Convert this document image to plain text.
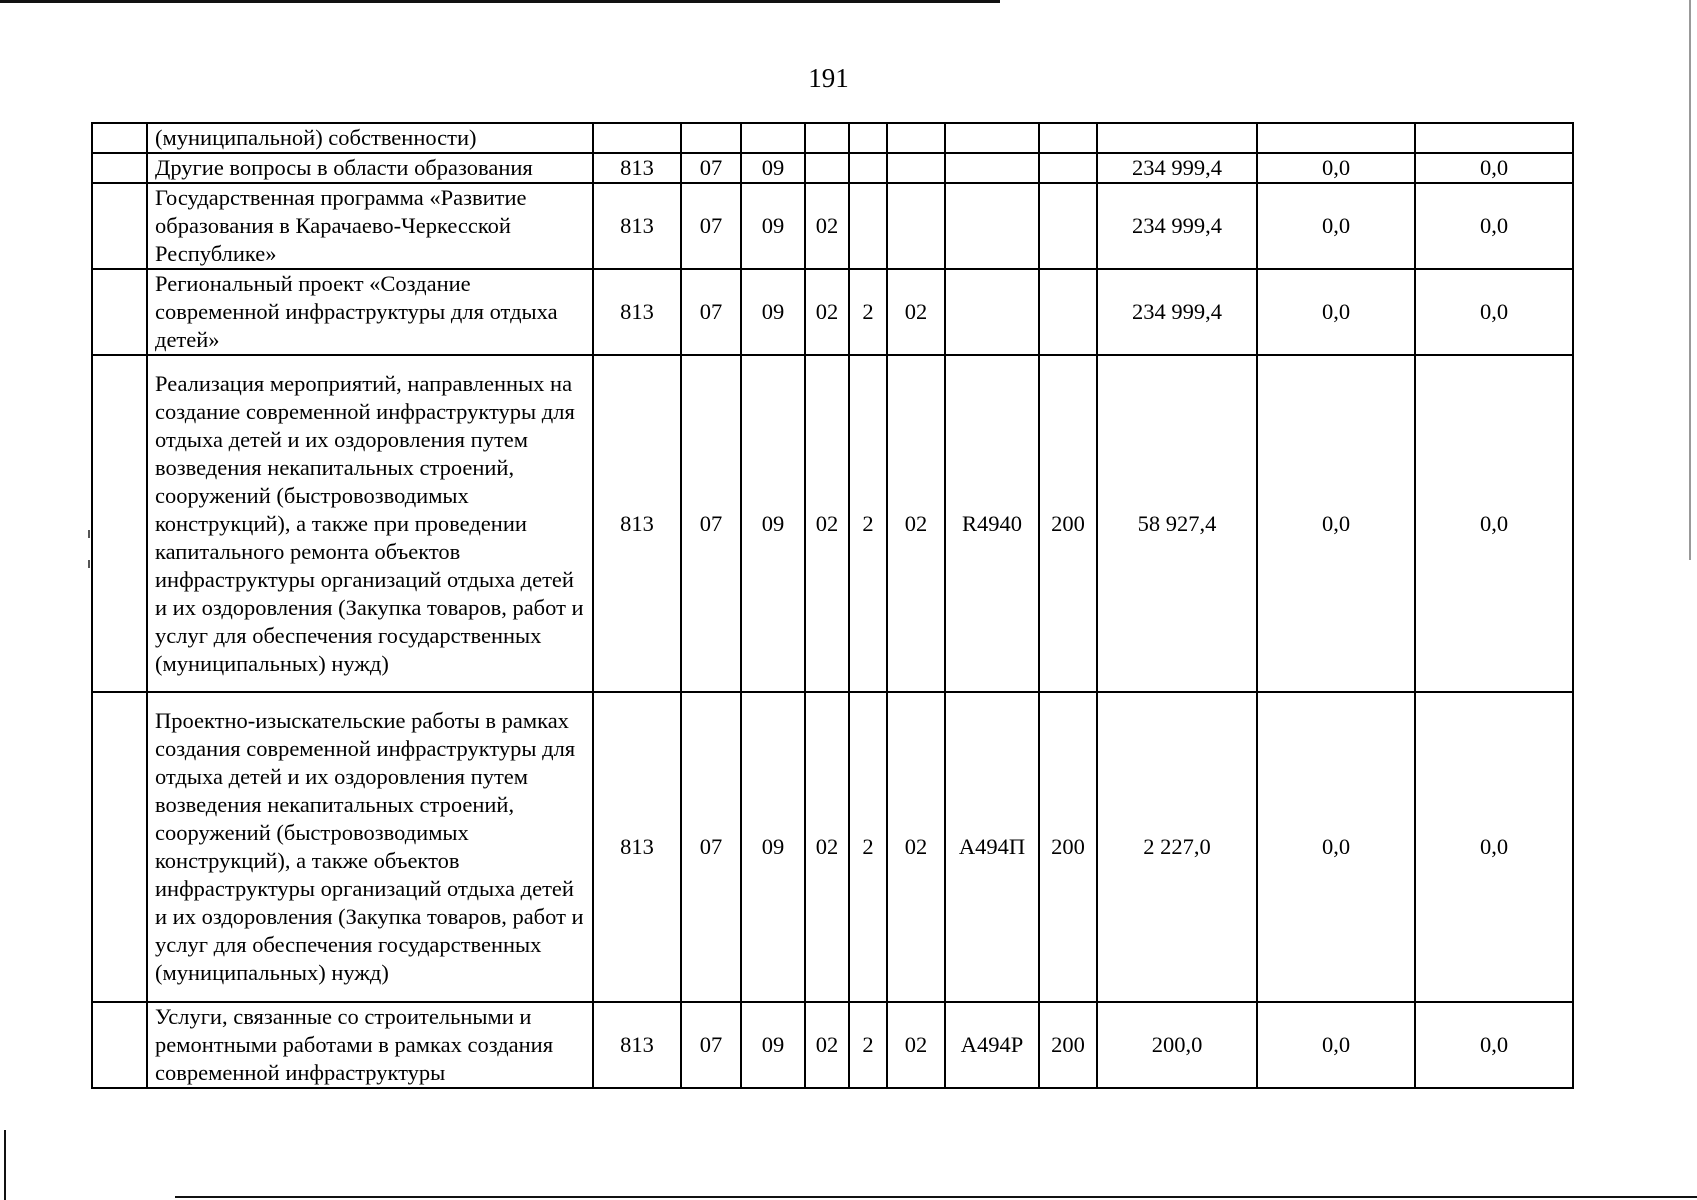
191
	(муниципальной) собственности)											
	Другие вопросы в области образования	813	07	09						234 999,4	0,0	0,0
	Государственная программа «Развитие образования в Карачаево-Черкесской Республике»	813	07	09	02					234 999,4	0,0	0,0
	Региональный проект «Создание современной инфраструктуры для отдыха детей»	813	07	09	02	2	02			234 999,4	0,0	0,0
	Реализация мероприятий, направленных на создание современной инфраструктуры для отдыха детей и их оздоровления путем возведения некапитальных строений, сооружений (быстровозводимых конструкций), а также при проведении капитального ремонта объектов инфраструктуры организаций отдыха детей и их оздоровления (Закупка товаров, работ и услуг для обеспечения государственных (муниципальных) нужд)	813	07	09	02	2	02	R4940	200	58 927,4	0,0	0,0
	Проектно-изыскательские работы в рамках создания современной инфраструктуры для отдыха детей и их оздоровления путем возведения некапитальных строений, сооружений (быстровозводимых конструкций), а также объектов инфраструктуры организаций отдыха детей и их оздоровления (Закупка товаров, работ и услуг для обеспечения государственных (муниципальных) нужд)	813	07	09	02	2	02	А494П	200	2 227,0	0,0	0,0
	Услуги, связанные со строительными и ремонтными работами в рамках создания современной инфраструктуры	813	07	09	02	2	02	А494Р	200	200,0	0,0	0,0
